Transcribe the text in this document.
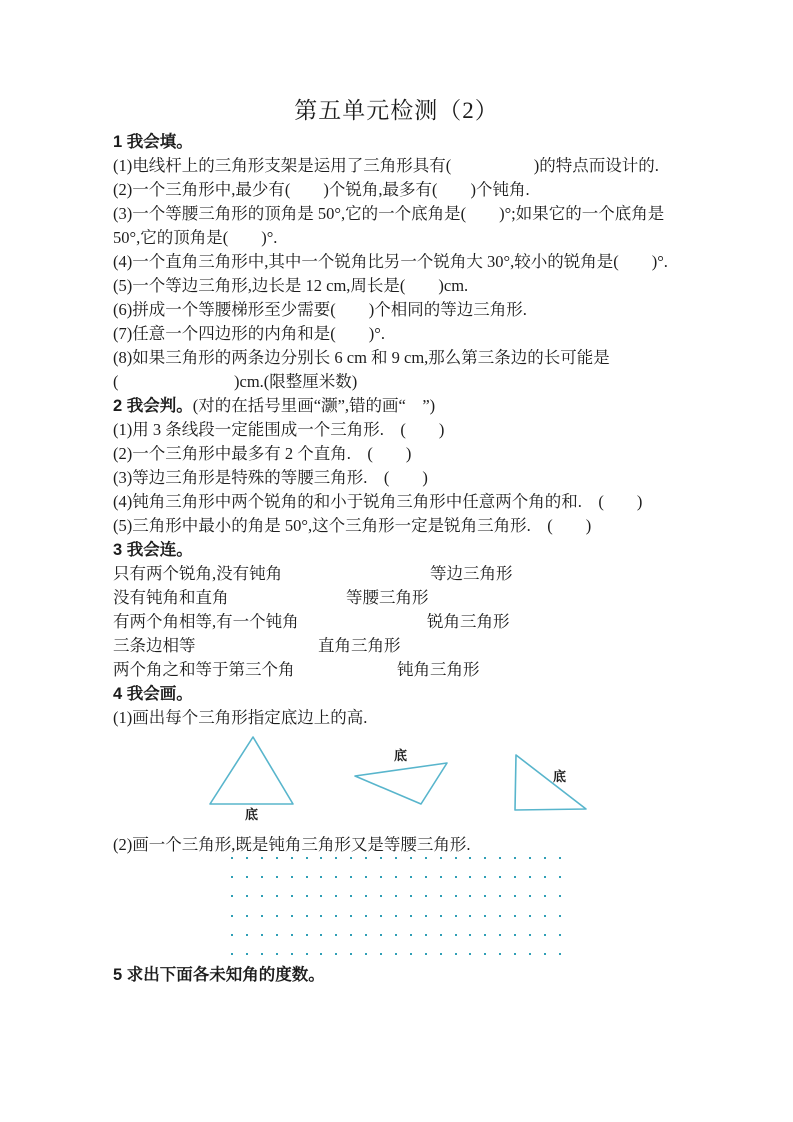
第五单元检测（2）
1 我会填。
(1)电线杆上的三角形支架是运用了三角形具有(　　　　　)的特点而设计的.
(2)一个三角形中,最少有(　　)个锐角,最多有(　　)个钝角.
(3)一个等腰三角形的顶角是 50°,它的一个底角是(　　)°;如果它的一个底角是
50°,它的顶角是(　　)°.
(4)一个直角三角形中,其中一个锐角比另一个锐角大 30°,较小的锐角是(　　)°.
(5)一个等边三角形,边长是 12 cm,周长是(　　)cm.
(6)拼成一个等腰梯形至少需要(　　)个相同的等边三角形.
(7)任意一个四边形的内角和是(　　)°.
(8)如果三角形的两条边分别长 6 cm 和 9 cm,那么第三条边的长可能是
(　　　　　　　)cm.(限整厘米数)
2 我会判。(对的在括号里画“灏”,错的画“　”)
(1)用 3 条线段一定能围成一个三角形.　(　　)
(2)一个三角形中最多有 2 个直角.　(　　)
(3)等边三角形是特殊的等腰三角形.　(　　)
(4)钝角三角形中两个锐角的和小于锐角三角形中任意两个角的和.　(　　)
(5)三角形中最小的角是 50°,这个三角形一定是锐角三角形.　(　　)
3 我会连。
只有两个锐角,没有钝角	等边三角形
没有钝角和直角	等腰三角形
有两个角相等,有一个钝角	锐角三角形
三条边相等	直角三角形
两个角之和等于第三个角	钝角三角形
4 我会画。
(1)画出每个三角形指定底边上的高.
底
底
底
(2)画一个三角形,既是钝角三角形又是等腰三角形.
5 求出下面各未知角的度数。
